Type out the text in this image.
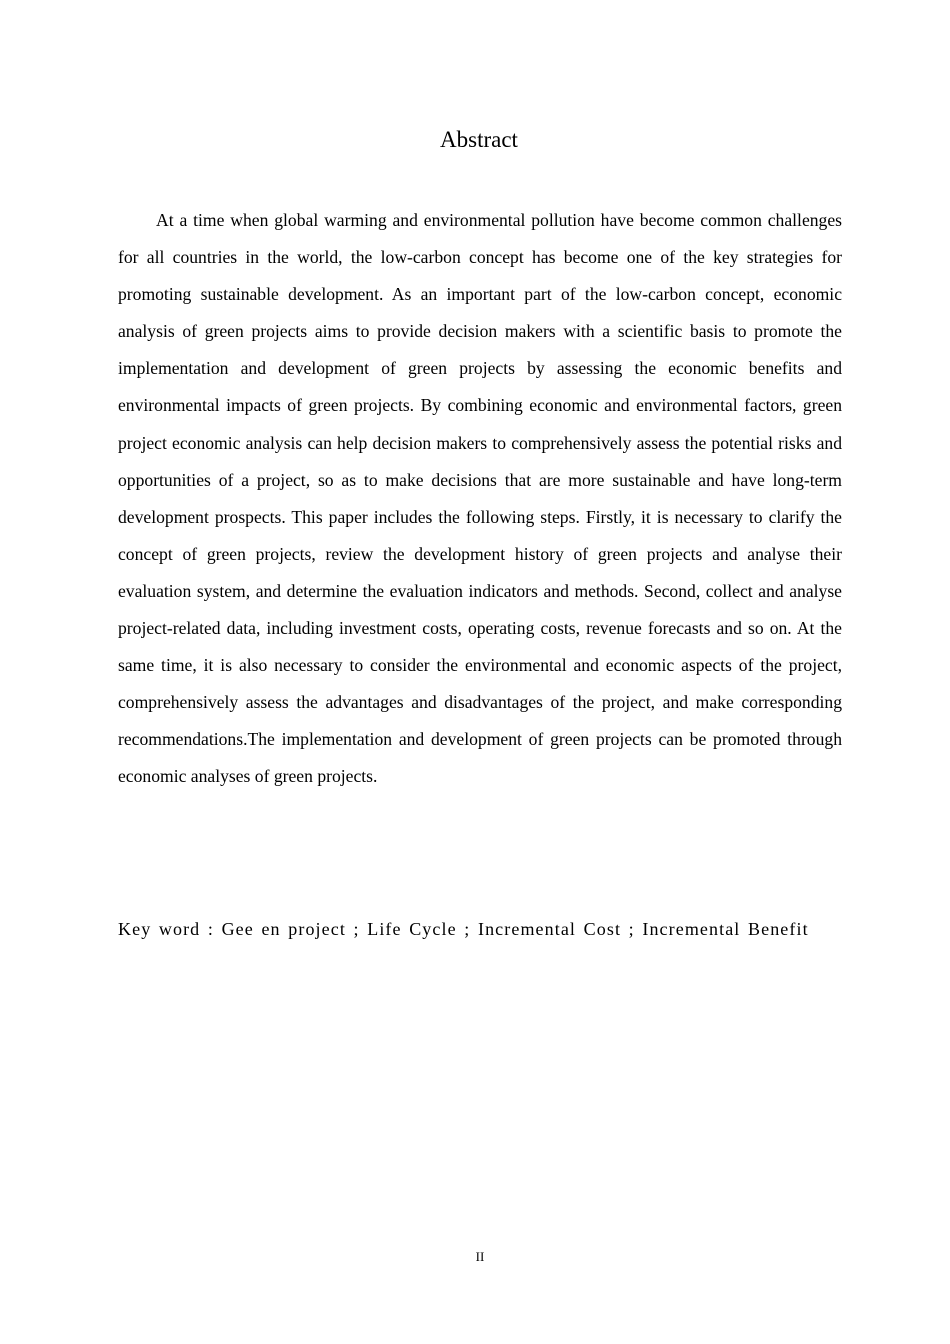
Abstract

At a time when global warming and environmental pollution have become common challenges for all countries in the world, the low-carbon concept has become one of the key strategies for promoting sustainable development. As an important part of the low-carbon concept, economic analysis of green projects aims to provide decision makers with a scientific basis to promote the implementation and development of green projects by assessing the economic benefits and environmental impacts of green projects. By combining economic and environmental factors, green project economic analysis can help decision makers to comprehensively assess the potential risks and opportunities of a project, so as to make decisions that are more sustainable and have long-term development prospects. This paper includes the following steps. Firstly, it is necessary to clarify the concept of green projects, review the development history of green projects and analyse their evaluation system, and determine the evaluation indicators and methods. Second, collect and analyse project-related data, including investment costs, operating costs, revenue forecasts and so on. At the same time, it is also necessary to consider the environmental and economic aspects of the project, comprehensively assess the advantages and disadvantages of the project, and make corresponding recommendations.The implementation and development of green projects can be promoted through economic analyses of green projects.

Key word : Gee en project ; Life Cycle ; Incremental Cost ; Incremental Benefit

II
